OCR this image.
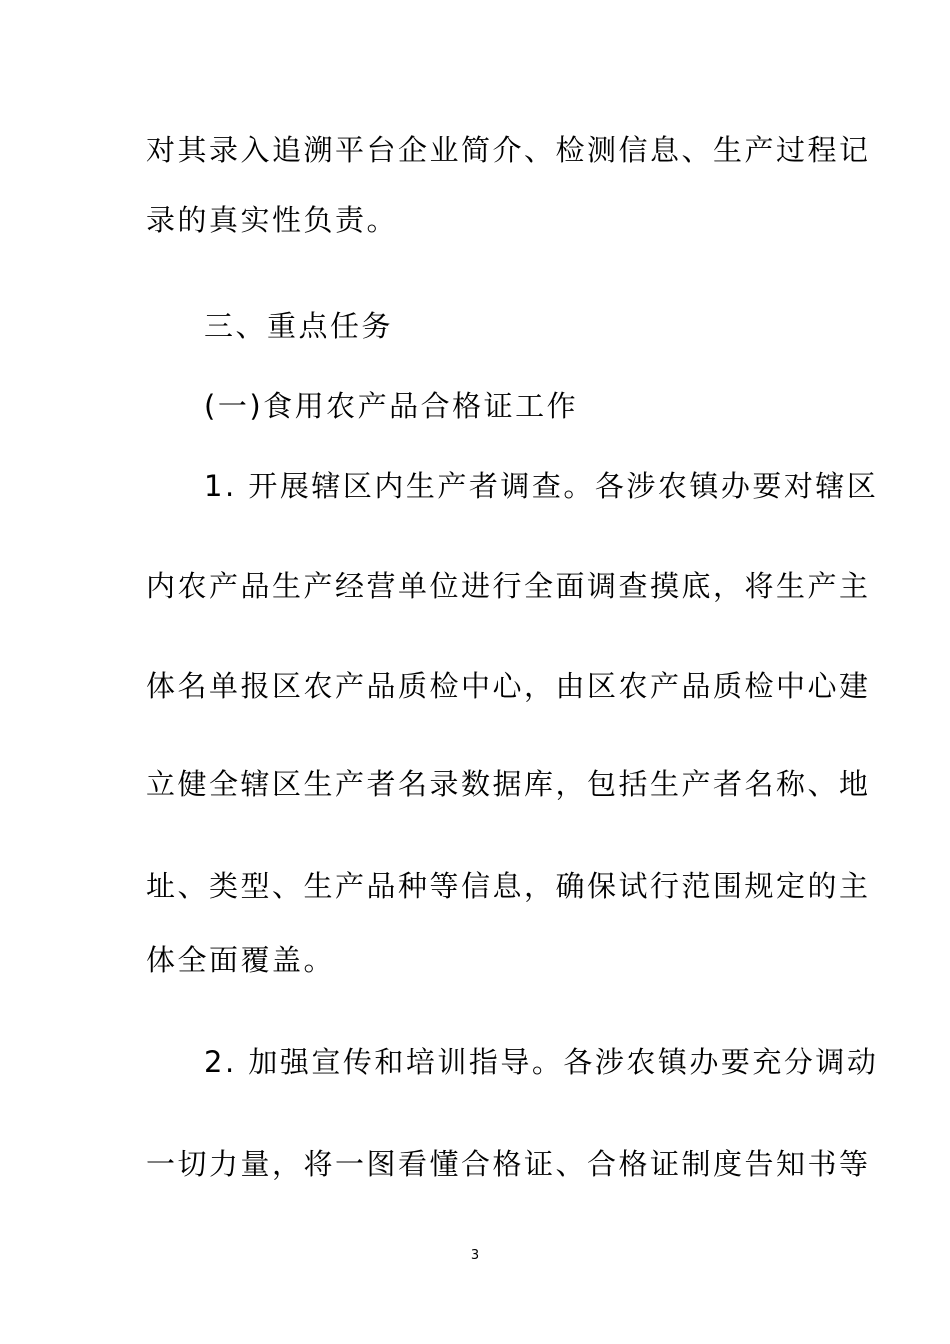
对其录入追溯平台企业简介、检测信息、生产过程记
录的真实性负责。
三、重点任务
(一)食用农产品合格证工作
1. 开展辖区内生产者调查。各涉农镇办要对辖区
内农产品生产经营单位进行全面调查摸底，将生产主
体名单报区农产品质检中心，由区农产品质检中心建
立健全辖区生产者名录数据库，包括生产者名称、地
址、类型、生产品种等信息，确保试行范围规定的主
体全面覆盖。
2. 加强宣传和培训指导。各涉农镇办要充分调动
一切力量，将一图看懂合格证、合格证制度告知书等
3
